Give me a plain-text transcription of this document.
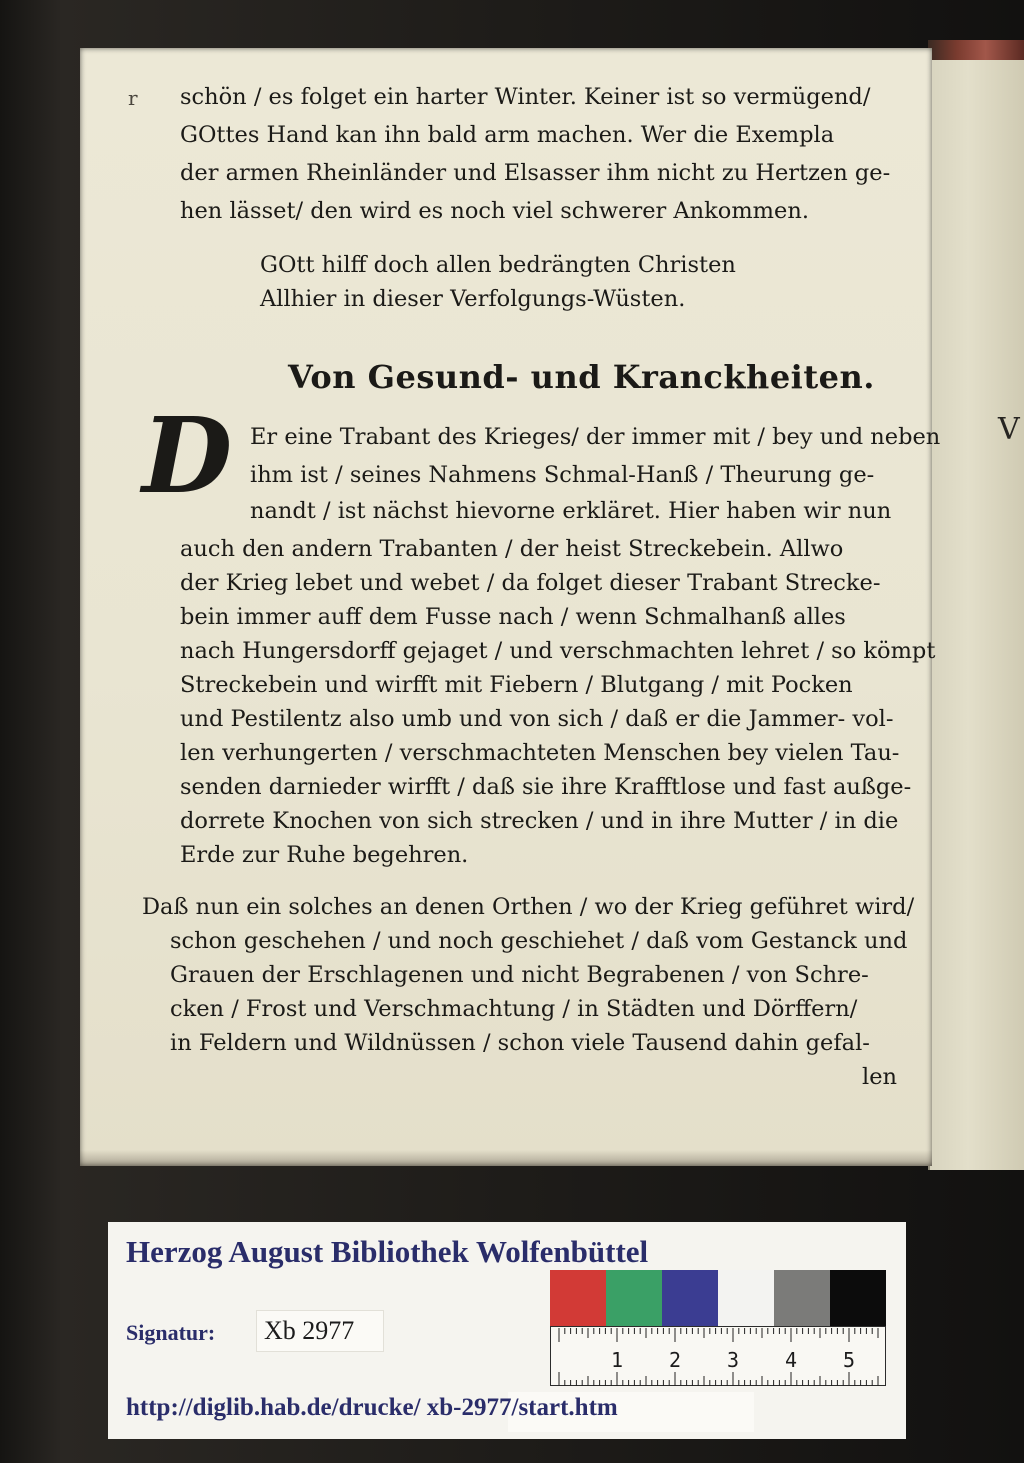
V
r schön / es folget ein harter Winter. Keiner ist so vermügend/
GOttes Hand kan ihn bald arm machen. Wer die Exempla
der armen Rheinländer und Elsasser ihm nicht zu Hertzen ge-
hen lässet/ den wird es noch viel schwerer Ankommen.
GOtt hilff doch allen bedrängten Christen
Allhier in dieser Verfolgungs-Wüsten.
Von Gesund- und Kranckheiten.
D Er eine Trabant des Krieges/ der immer mit / bey und neben
ihm ist / seines Nahmens Schmal-Hanß / Theurung ge-
nandt / ist nächst hievorne erkläret. Hier haben wir nun
auch den andern Trabanten / der heist Streckebein. Allwo
der Krieg lebet und webet / da folget dieser Trabant Strecke-
bein immer auff dem Fusse nach / wenn Schmalhanß alles
nach Hungersdorff gejaget / und verschmachten lehret / so kömpt
Streckebein und wirfft mit Fiebern / Blutgang / mit Pocken
und Pestilentz also umb und von sich / daß er die Jammer- vol-
len verhungerten / verschmachteten Menschen bey vielen Tau-
senden darnieder wirfft / daß sie ihre Krafftlose und fast außge-
dorrete Knochen von sich strecken / und in ihre Mutter / in die
Erde zur Ruhe begehren.
Daß nun ein solches an denen Orthen / wo der Krieg geführet wird/
schon geschehen / und noch geschiehet / daß vom Gestanck und
Grauen der Erschlagenen und nicht Begrabenen / von Schre-
cken / Frost und Verschmachtung / in Städten und Dörffern/
in Feldern und Wildnüssen / schon viele Tausend dahin gefal-
len
Herzog August Bibliothek Wolfenbüttel
Signatur: Xb 2977
1 2 3 4 5
http://diglib.hab.de/drucke/ xb-2977/start.htm
